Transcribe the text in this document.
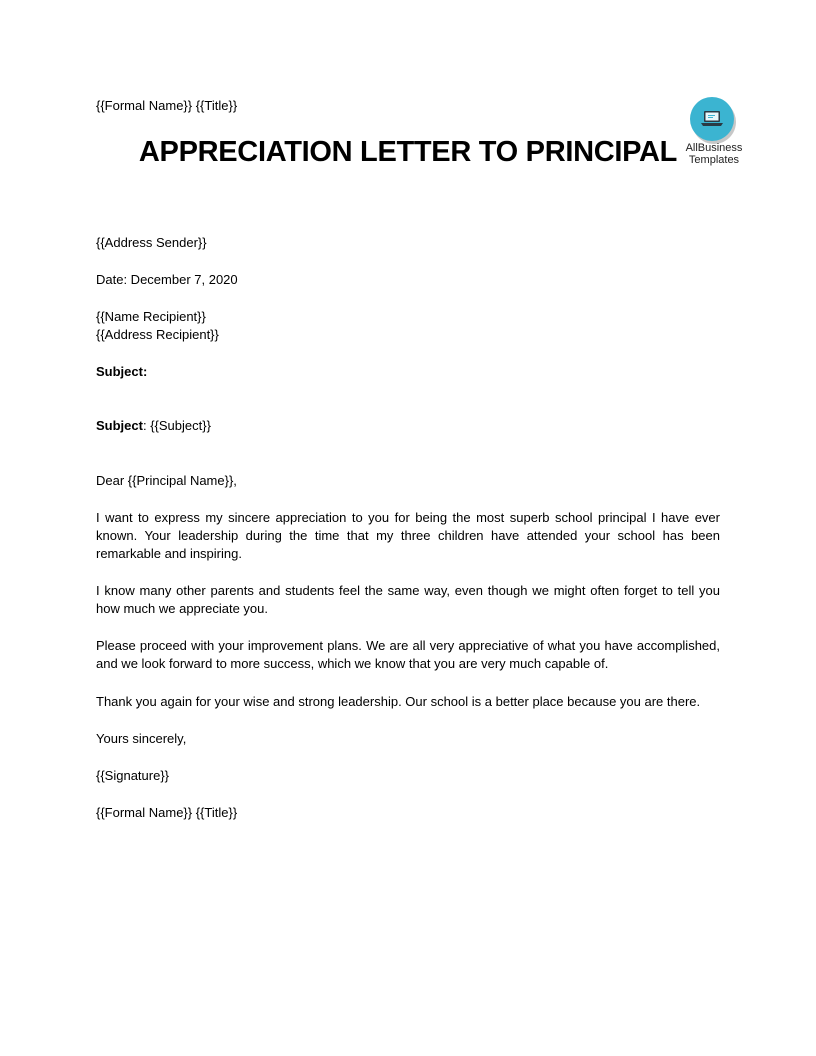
{{Formal Name}} {{Title}}
APPRECIATION LETTER TO PRINCIPAL AllBusiness
Templates
{{Address Sender}}
Date: December 7, 2020
{{Name Recipient}}
{{Address Recipient}}
Subject:
Subject: {{Subject}}
Dear {{Principal Name}},
I want to express my sincere appreciation to you for being the most superb school principal I have ever known. Your leadership during the time that my three children have attended your school has been remarkable and inspiring.
I know many other parents and students feel the same way, even though we might often forget to tell you how much we appreciate you.
Please proceed with your improvement plans. We are all very appreciative of what you have accomplished, and we look forward to more success, which we know that you are very much capable of.
Thank you again for your wise and strong leadership. Our school is a better place because you are there.
Yours sincerely,
{{Signature}}
{{Formal Name}} {{Title}}
